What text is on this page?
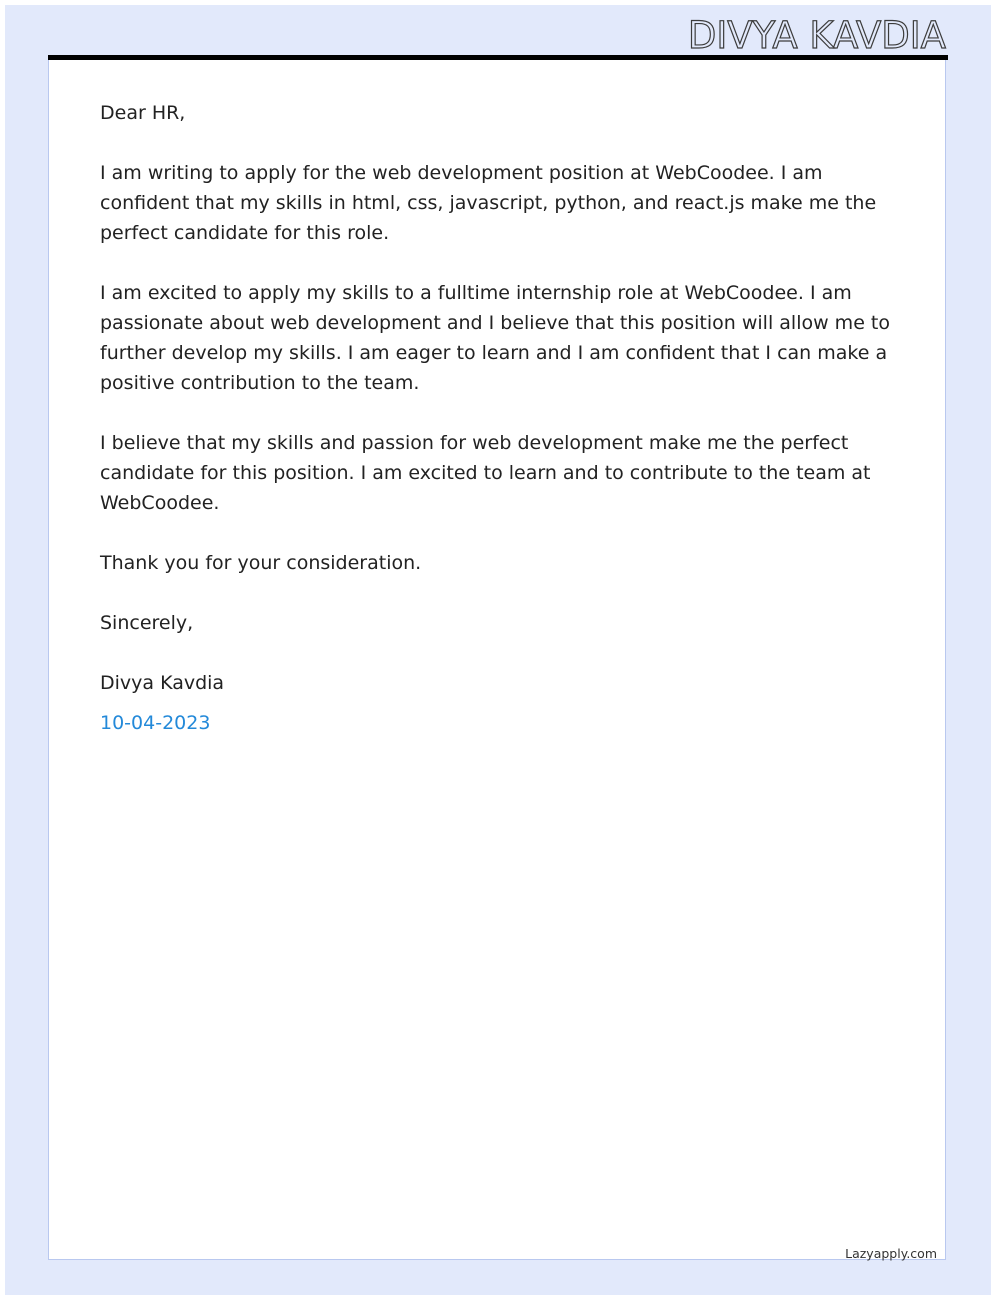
DIVYA KAVDIA

Dear HR,

I am writing to apply for the web development position at WebCoodee. I am confident that my skills in html, css, javascript, python, and react.js make me the perfect candidate for this role.

I am excited to apply my skills to a fulltime internship role at WebCoodee. I am passionate about web development and I believe that this position will allow me to further develop my skills. I am eager to learn and I am confident that I can make a positive contribution to the team.

I believe that my skills and passion for web development make me the perfect candidate for this position. I am excited to learn and to contribute to the team at WebCoodee.

Thank you for your consideration.

Sincerely,

Divya Kavdia

10-04-2023

Lazyapply.com
